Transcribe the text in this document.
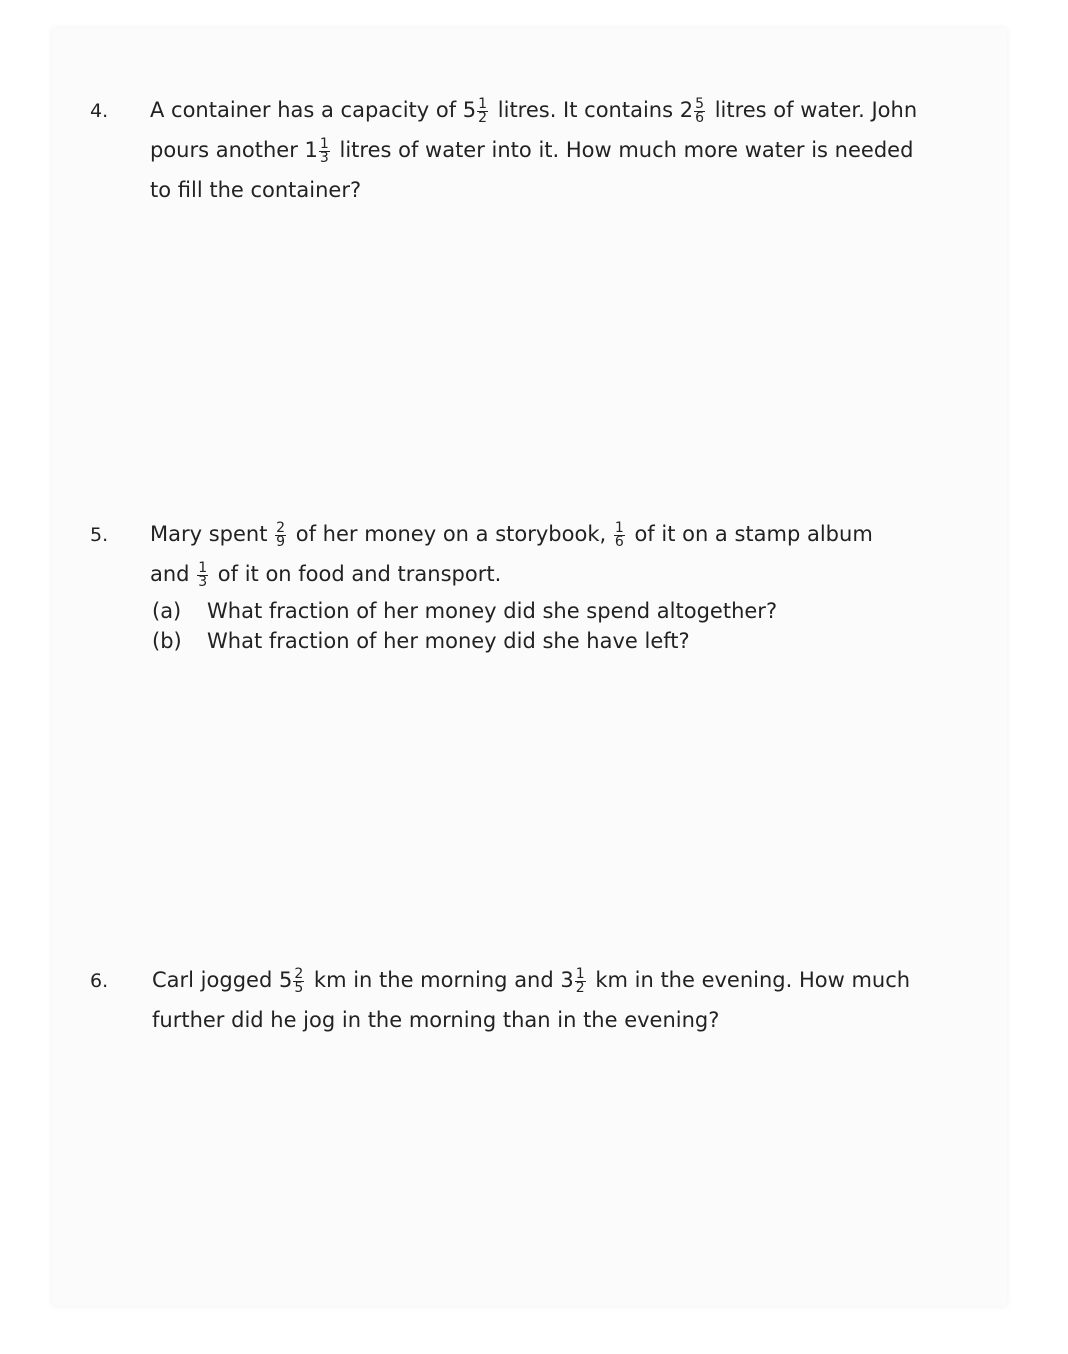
4. A container has a capacity of $5 \frac{1}{2}$ litres. It contains $2 \frac{5}{6}$ litres of water. John
pours another $1 \frac{1}{3}$ litres of water into it. How much more water is needed
to fill the container?
5. Mary spent $\frac{2}{9}$ of her money on a storybook, $\frac{1}{6}$ of it on a stamp album
and $\frac{1}{3}$ of it on food and transport.
(a) What fraction of her money did she spend altogether?
(b) What fraction of her money did she have left?
6. Carl jogged $5 \frac{2}{5}$ km in the morning and $3 \frac{1}{2}$ km in the evening. How much
further did he jog in the morning than in the evening?
